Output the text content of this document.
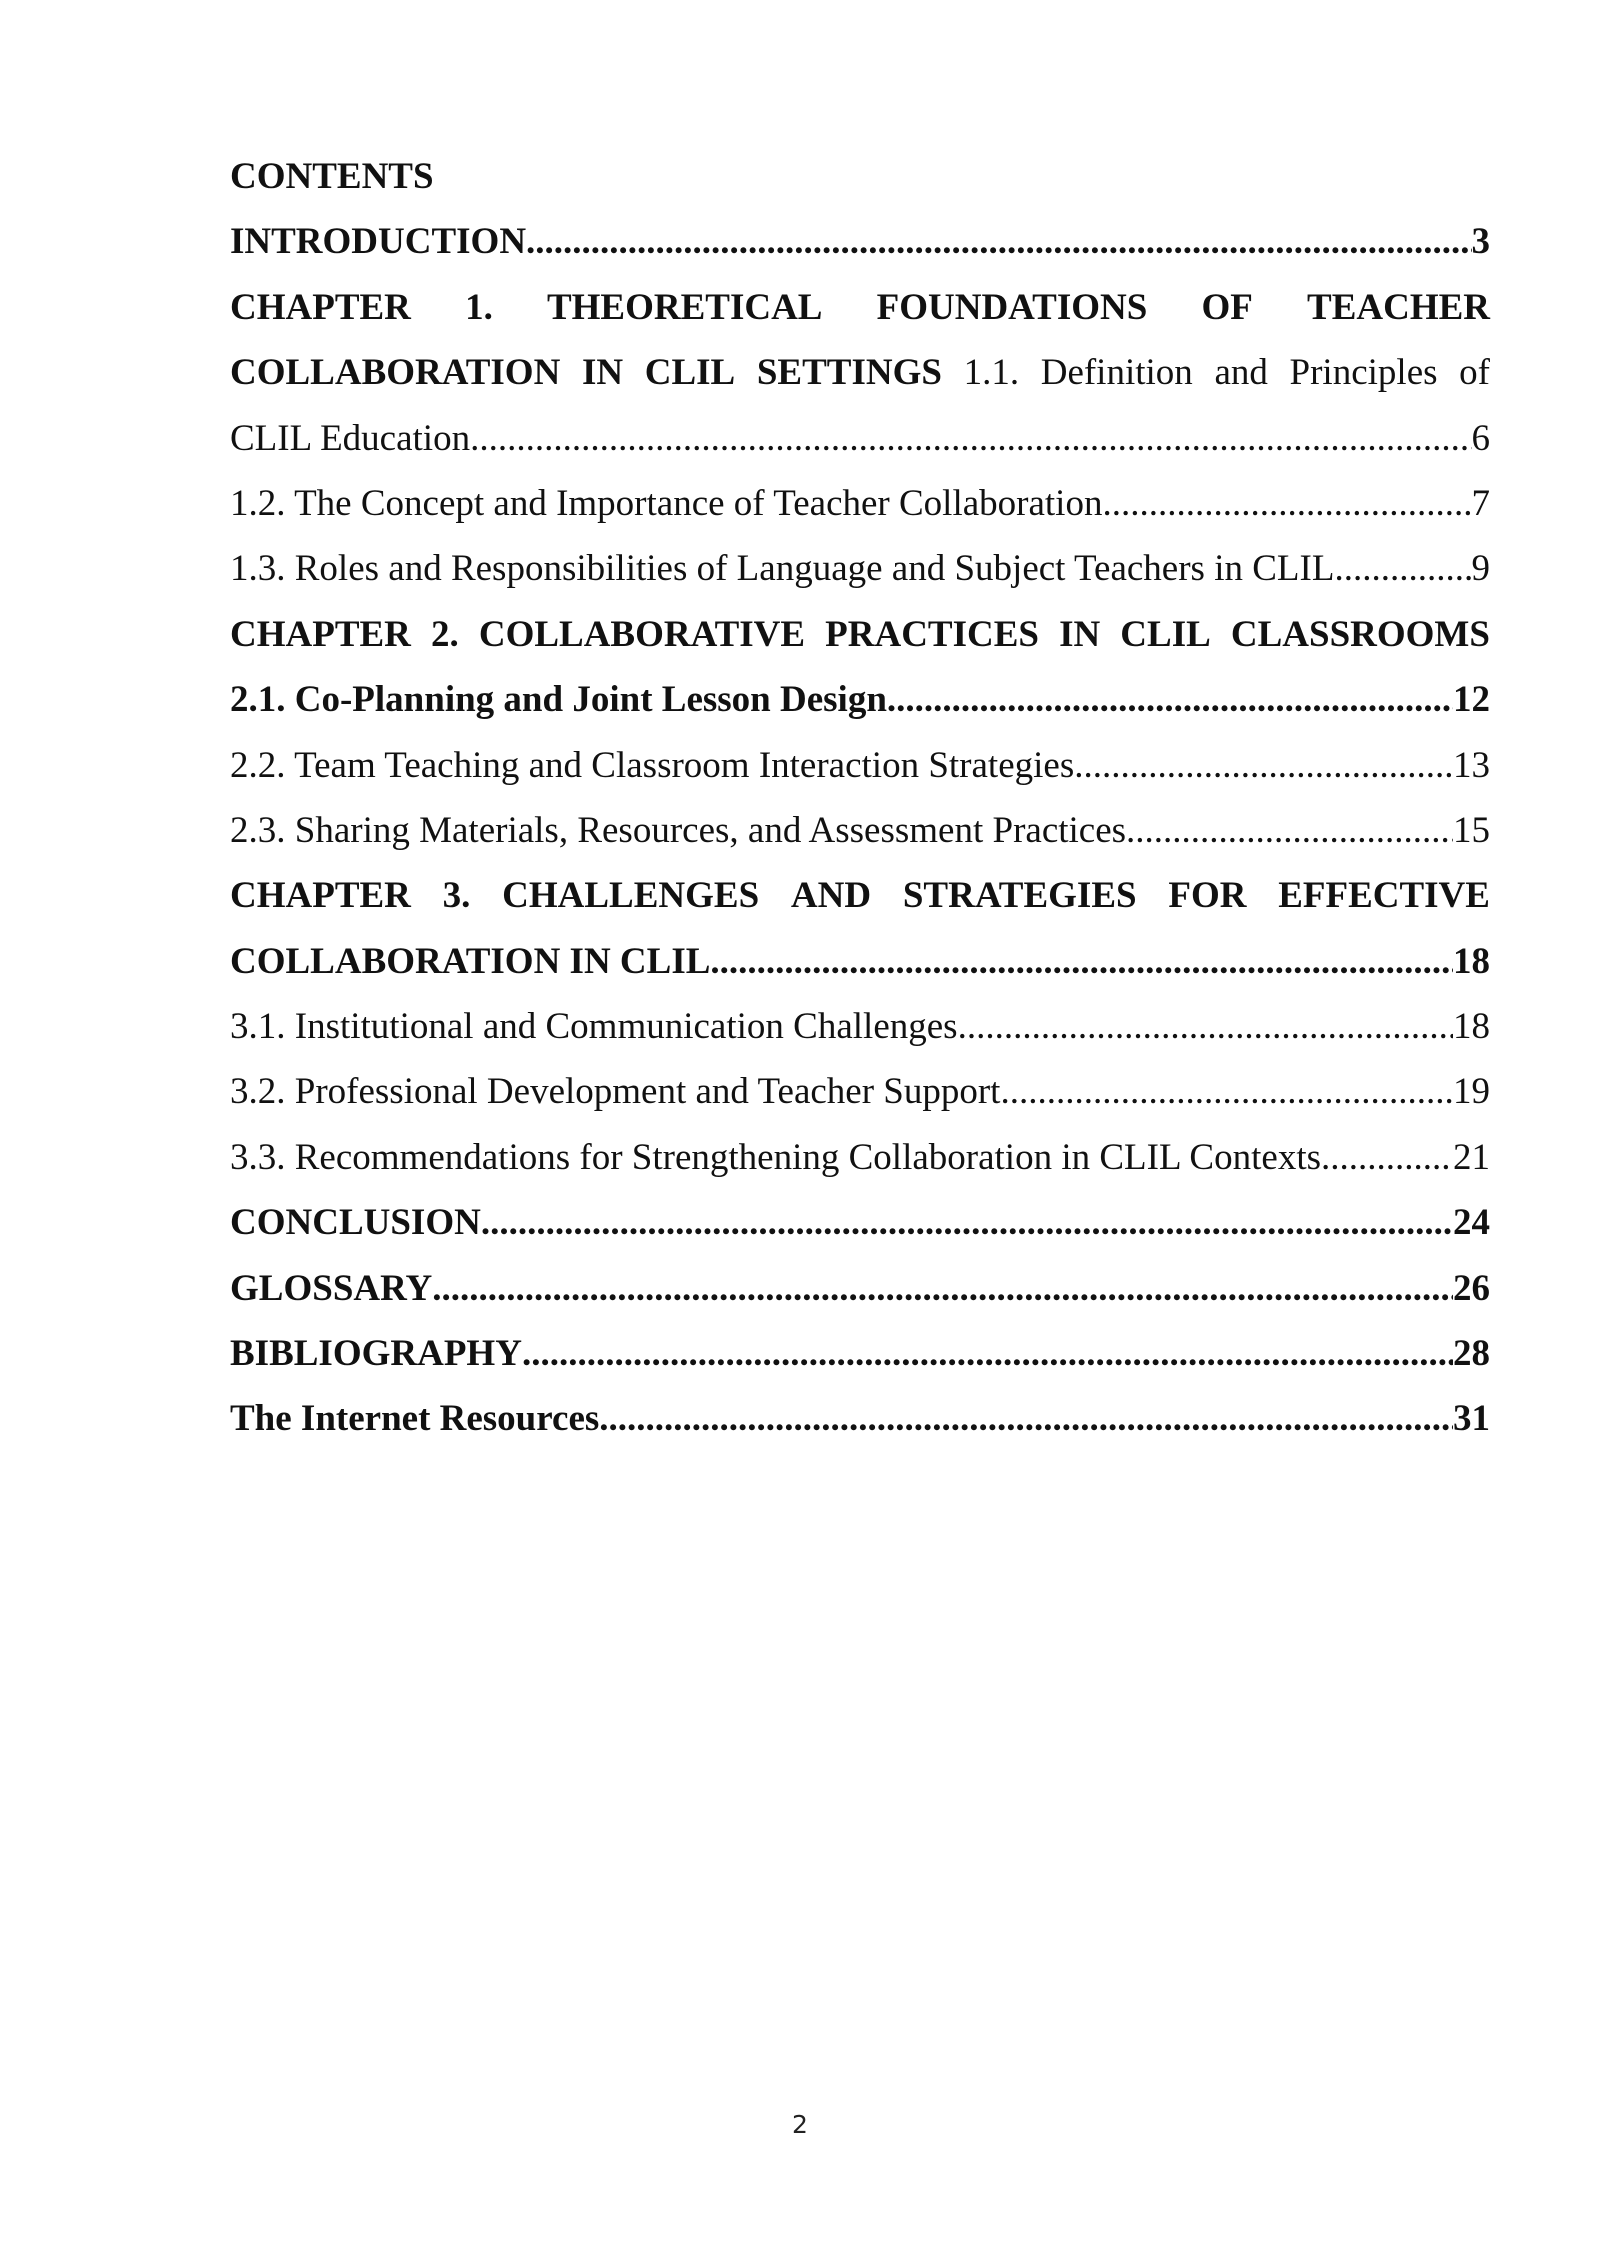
CONTENTS
INTRODUCTION .....	3
CHAPTER 1. THEORETICAL FOUNDATIONS OF TEACHER
COLLABORATION IN CLIL SETTINGS 1.1. Definition and Principles of
CLIL Education .....	6
1.2. The Concept and Importance of Teacher Collaboration .....	7
1.3. Roles and Responsibilities of Language and Subject Teachers in CLIL .....	9
CHAPTER 2. COLLABORATIVE PRACTICES IN CLIL CLASSROOMS
2.1. Co-Planning and Joint Lesson Design .....	12
2.2. Team Teaching and Classroom Interaction Strategies .....	13
2.3. Sharing Materials, Resources, and Assessment Practices .....	15
CHAPTER 3. CHALLENGES AND STRATEGIES FOR EFFECTIVE
COLLABORATION IN CLIL .....	18
3.1. Institutional and Communication Challenges .....	18
3.2. Professional Development and Teacher Support .....	19
3.3. Recommendations for Strengthening Collaboration in CLIL Contexts .....	21
CONCLUSION .....	24
GLOSSARY .....	26
BIBLIOGRAPHY .....	28
The Internet Resources .....	31
2
